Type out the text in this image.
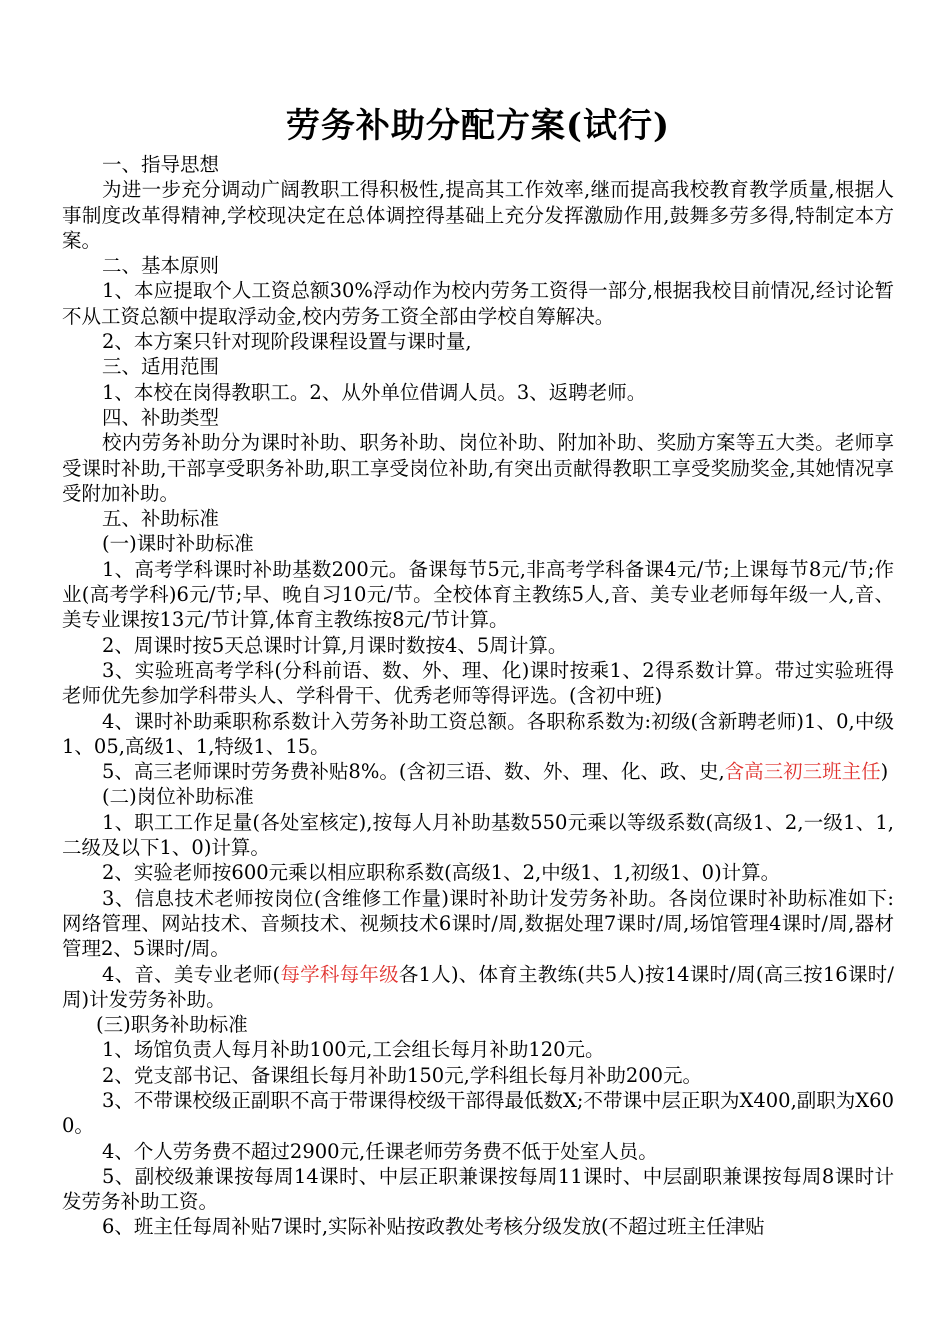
劳务补助分配方案(试行)

一、指导思想

为进一步充分调动广阔教职工得积极性,提高其工作效率,继而提高我校教育教学质量,根据人事制度改革得精神,学校现决定在总体调控得基础上充分发挥激励作用,鼓舞多劳多得,特制定本方案。

二、基本原则

1、本应提取个人工资总额30%浮动作为校内劳务工资得一部分,根据我校目前情况,经讨论暂不从工资总额中提取浮动金,校内劳务工资全部由学校自筹解决。

2、本方案只针对现阶段课程设置与课时量,

三、适用范围

1、本校在岗得教职工。2、从外单位借调人员。3、返聘老师。

四、补助类型

校内劳务补助分为课时补助、职务补助、岗位补助、附加补助、奖励方案等五大类。老师享受课时补助,干部享受职务补助,职工享受岗位补助,有突出贡献得教职工享受奖励奖金,其她情况享受附加补助。

五、补助标准

(一)课时补助标准

1、高考学科课时补助基数200元。备课每节5元,非高考学科备课4元/节;上课每节8元/节;作业(高考学科)6元/节;早、晚自习10元/节。全校体育主教练5人,音、美专业老师每年级一人,音、美专业课按13元/节计算,体育主教练按8元/节计算。

2、周课时按5天总课时计算,月课时数按4、5周计算。

3、实验班高考学科(分科前语、数、外、理、化)课时按乘1、2得系数计算。带过实验班得老师优先参加学科带头人、学科骨干、优秀老师等得评选。(含初中班)

4、课时补助乘职称系数计入劳务补助工资总额。各职称系数为:初级(含新聘老师)1、0,中级1、05,高级1、1,特级1、15。

5、高三老师课时劳务费补贴8%。(含初三语、数、外、理、化、政、史,含高三初三班主任)

(二)岗位补助标准

1、职工工作足量(各处室核定),按每人月补助基数550元乘以等级系数(高级1、2,一级1、1,二级及以下1、0)计算。

2、实验老师按600元乘以相应职称系数(高级1、2,中级1、1,初级1、0)计算。

3、信息技术老师按岗位(含维修工作量)课时补助计发劳务补助。各岗位课时补助标准如下:网络管理、网站技术、音频技术、视频技术6课时/周,数据处理7课时/周,场馆管理4课时/周,器材管理2、5课时/周。

4、音、美专业老师(每学科每年级各1人)、体育主教练(共5人)按14课时/周(高三按16课时/周)计发劳务补助。

(三)职务补助标准

1、场馆负责人每月补助100元,工会组长每月补助120元。

2、党支部书记、备课组长每月补助150元,学科组长每月补助200元。

3、不带课校级正副职不高于带课得校级干部得最低数X;不带课中层正职为X400,副职为X600。

4、个人劳务费不超过2900元,任课老师劳务费不低于处室人员。

5、副校级兼课按每周14课时、中层正职兼课按每周11课时、中层副职兼课按每周8课时计发劳务补助工资。

6、班主任每周补贴7课时,实际补贴按政教处考核分级发放(不超过班主任津贴
